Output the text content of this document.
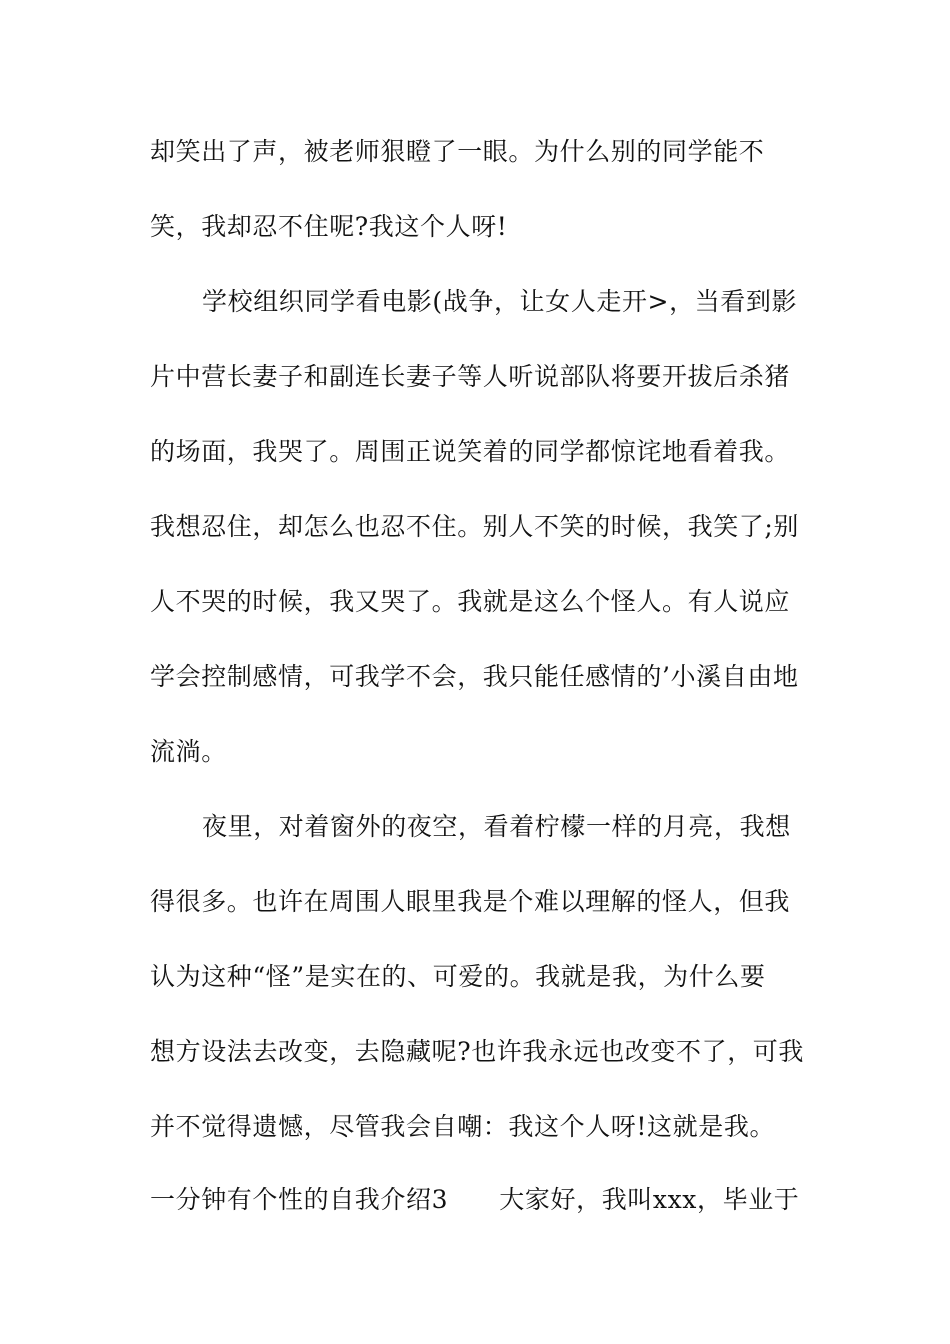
却笑出了声，被老师狠瞪了一眼。为什么别的同学能不
笑，我却忍不住呢?我这个人呀!
学校组织同学看电影(战争，让女人走开>，当看到影
片中营长妻子和副连长妻子等人听说部队将要开拔后杀猪
的场面，我哭了。周围正说笑着的同学都惊诧地看着我。
我想忍住，却怎么也忍不住。别人不笑的时候，我笑了;别
人不哭的时候，我又哭了。我就是这么个怪人。有人说应
学会控制感情，可我学不会，我只能任感情的’小溪自由地
流淌。
夜里，对着窗外的夜空，看着柠檬一样的月亮，我想
得很多。也许在周围人眼里我是个难以理解的怪人，但我
认为这种“怪”是实在的、可爱的。我就是我，为什么要
想方设法去改变，去隐藏呢?也许我永远也改变不了，可我
并不觉得遗憾，尽管我会自嘲：我这个人呀!这就是我。
一分钟有个性的自我介绍3　　大家好，我叫xxx，毕业于
